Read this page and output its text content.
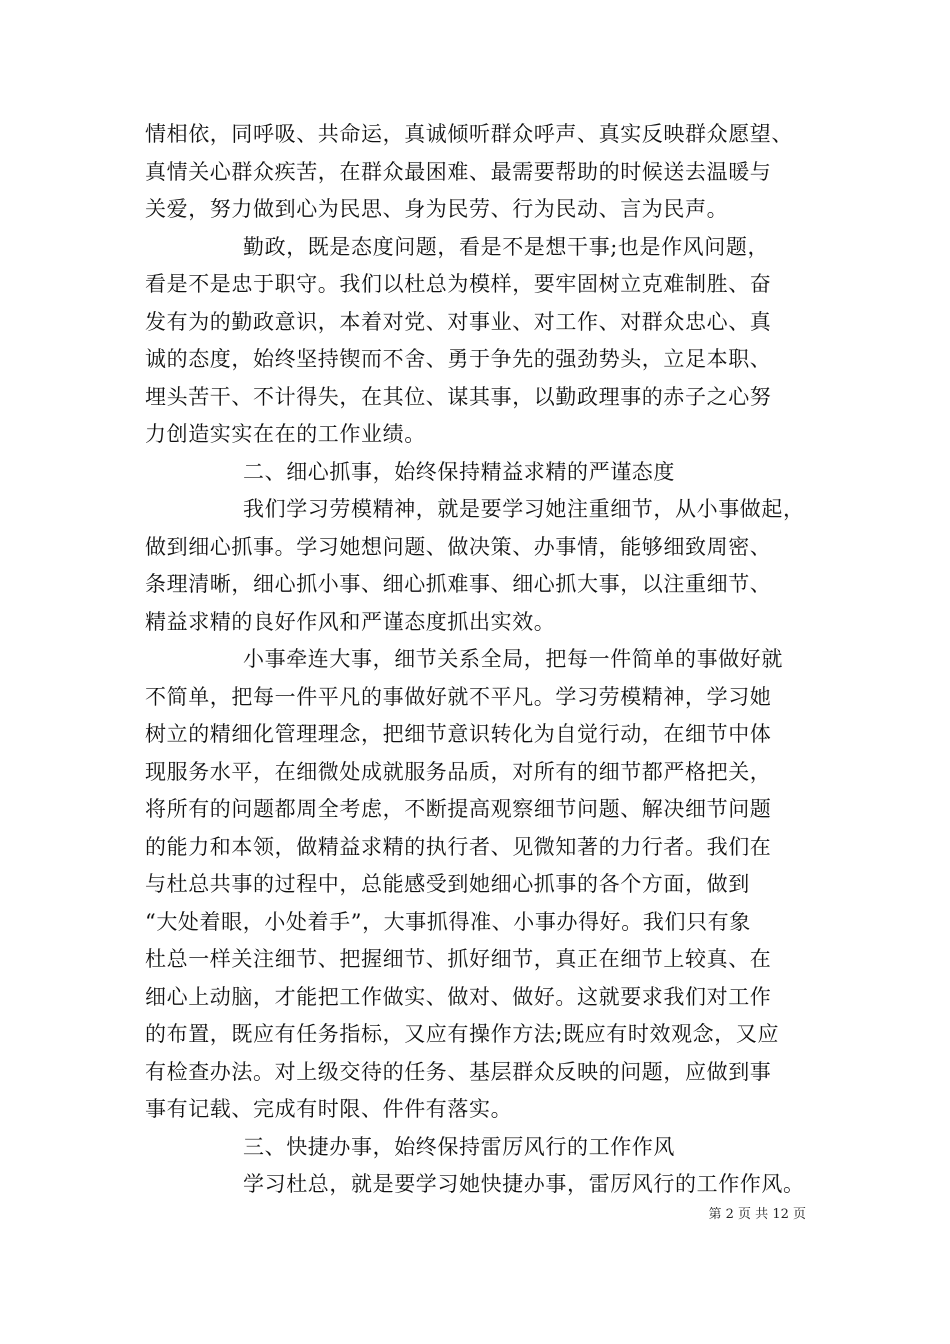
情相依，同呼吸、共命运，真诚倾听群众呼声、真实反映群众愿望、
真情关心群众疾苦，在群众最困难、最需要帮助的时候送去温暖与
关爱，努力做到心为民思、身为民劳、行为民动、言为民声。
勤政，既是态度问题，看是不是想干事;也是作风问题，
看是不是忠于职守。我们以杜总为模样，要牢固树立克难制胜、奋
发有为的勤政意识，本着对党、对事业、对工作、对群众忠心、真
诚的态度，始终坚持锲而不舍、勇于争先的强劲势头，立足本职、
埋头苦干、不计得失，在其位、谋其事，以勤政理事的赤子之心努
力创造实实在在的工作业绩。
二、细心抓事，始终保持精益求精的严谨态度
我们学习劳模精神，就是要学习她注重细节，从小事做起，
做到细心抓事。学习她想问题、做决策、办事情，能够细致周密、
条理清晰，细心抓小事、细心抓难事、细心抓大事，以注重细节、
精益求精的良好作风和严谨态度抓出实效。
小事牵连大事，细节关系全局，把每一件简单的事做好就
不简单，把每一件平凡的事做好就不平凡。学习劳模精神，学习她
树立的精细化管理理念，把细节意识转化为自觉行动，在细节中体
现服务水平，在细微处成就服务品质，对所有的细节都严格把关，
将所有的问题都周全考虑，不断提高观察细节问题、解决细节问题
的能力和本领，做精益求精的执行者、见微知著的力行者。我们在
与杜总共事的过程中，总能感受到她细心抓事的各个方面，做到
“大处着眼，小处着手”，大事抓得准、小事办得好。我们只有象
杜总一样关注细节、把握细节、抓好细节，真正在细节上较真、在
细心上动脑，才能把工作做实、做对、做好。这就要求我们对工作
的布置，既应有任务指标，又应有操作方法;既应有时效观念，又应
有检查办法。对上级交待的任务、基层群众反映的问题，应做到事
事有记载、完成有时限、件件有落实。
三、快捷办事，始终保持雷厉风行的工作作风
学习杜总，就是要学习她快捷办事，雷厉风行的工作作风。
第 2 页 共 12 页
